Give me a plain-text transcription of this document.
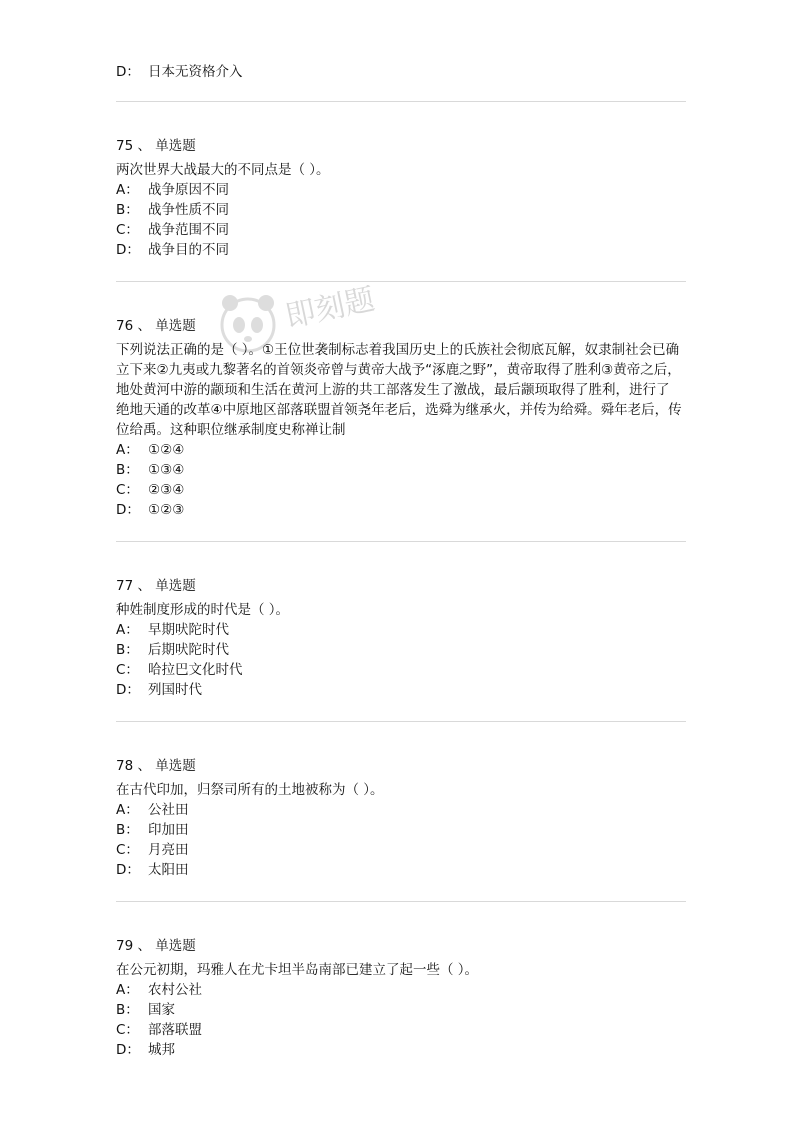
即刻题
D： 日本无资格介入
75 、 单选题
两次世界大战最大的不同点是（ ）。
A： 战争原因不同
B： 战争性质不同
C： 战争范围不同
D： 战争目的不同
76 、 单选题
下列说法正确的是（ ）。①王位世袭制标志着我国历史上的氏族社会彻底瓦解，奴隶制社会已确立下来②九夷或九黎著名的首领炎帝曾与黄帝大战予“涿鹿之野”，黄帝取得了胜利③黄帝之后，地处黄河中游的颛顼和生活在黄河上游的共工部落发生了激战，最后颛顼取得了胜利，进行了绝地天通的改革④中原地区部落联盟首领尧年老后，选舜为继承火，并传为给舜。舜年老后，传位给禹。这种职位继承制度史称禅让制
A： ①②④
B： ①③④
C： ②③④
D： ①②③
77 、 单选题
种姓制度形成的时代是（ ）。
A： 早期吠陀时代
B： 后期吠陀时代
C： 哈拉巴文化时代
D： 列国时代
78 、 单选题
在古代印加，归祭司所有的土地被称为（ ）。
A： 公社田
B： 印加田
C： 月亮田
D： 太阳田
79 、 单选题
在公元初期，玛雅人在尤卡坦半岛南部已建立了起一些（ ）。
A： 农村公社
B： 国家
C： 部落联盟
D： 城邦
